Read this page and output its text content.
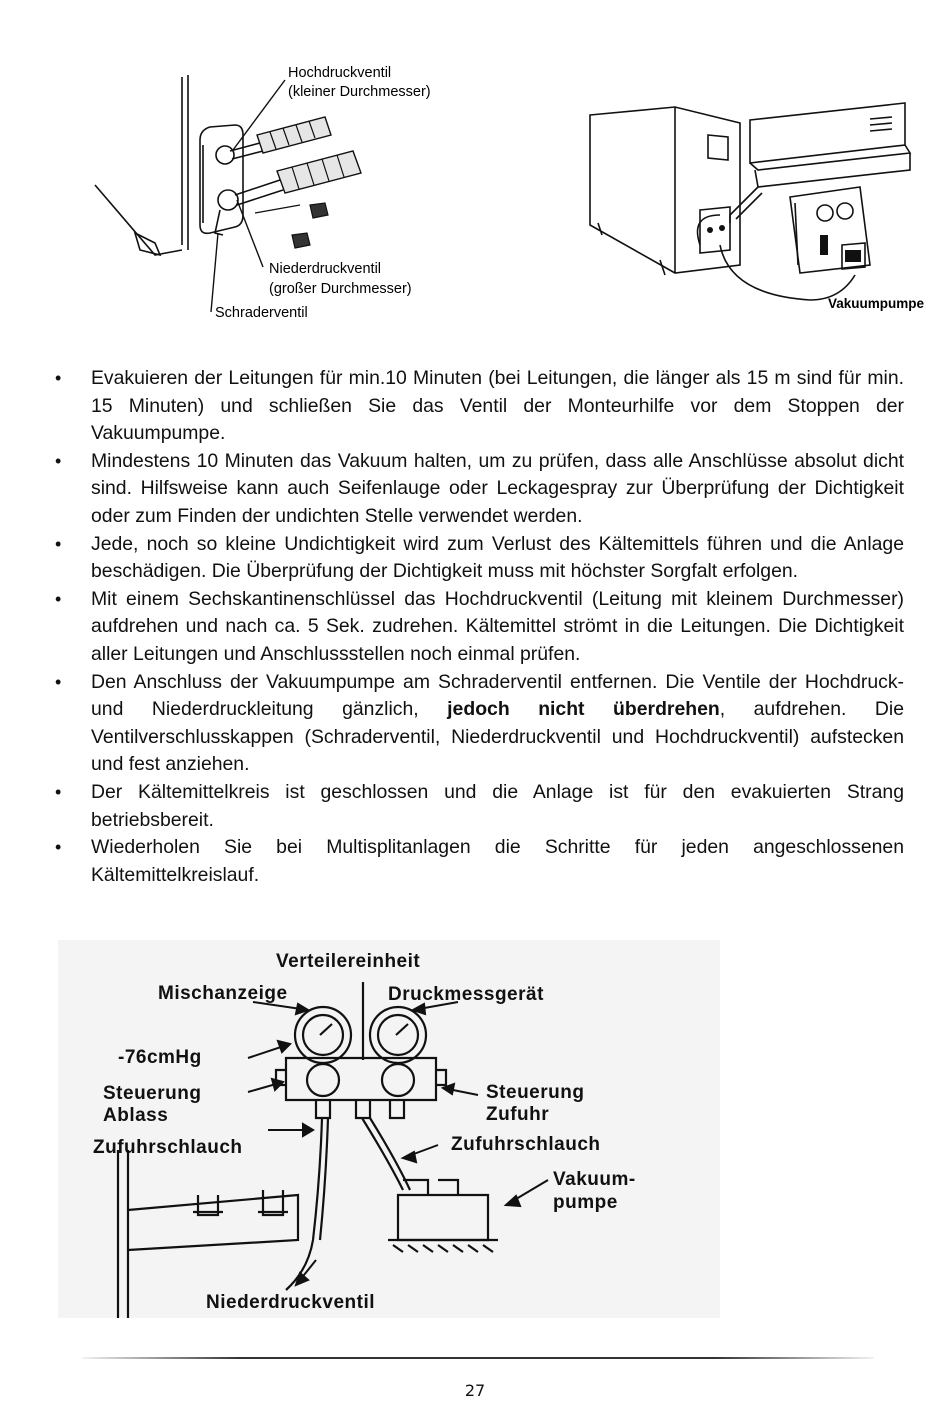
Hochdruckventil
(kleiner Durchmesser)
Niederdruckventil
(großer Durchmesser)
Schraderventil
Vakuumpumpe
• Evakuieren der Leitungen für min.10 Minuten (bei Leitungen, die länger als 15 m sind für min. 15 Minuten) und schließen Sie das Ventil der Monteurhilfe vor dem Stoppen der Vakuumpumpe.
• Mindestens 10 Minuten das Vakuum halten, um zu prüfen, dass alle Anschlüsse absolut dicht sind. Hilfsweise kann auch Seifenlauge oder Leckagespray zur Überprüfung der Dichtigkeit oder zum Finden der undichten Stelle verwendet werden.
• Jede, noch so kleine Undichtigkeit wird zum Verlust des Kältemittels führen und die Anlage beschädigen. Die Überprüfung der Dichtigkeit muss mit höchster Sorgfalt erfolgen.
• Mit einem Sechskantinenschlüssel das Hochdruckventil (Leitung mit kleinem Durchmesser) aufdrehen und nach ca. 5 Sek. zudrehen. Kältemittel strömt in die Leitungen. Die Dichtigkeit aller Leitungen und Anschlussstellen noch einmal prüfen.
• Den Anschluss der Vakuumpumpe am Schraderventil entfernen. Die Ventile der Hochdruck- und Niederdruckleitung gänzlich, jedoch nicht überdrehen, aufdrehen. Die Ventilverschlusskappen (Schraderventil, Niederdruckventil und Hochdruckventil) aufstecken und fest anziehen.
• Der Kältemittelkreis ist geschlossen und die Anlage ist für den evakuierten Strang betriebsbereit.
• Wiederholen Sie bei Multisplitanlagen die Schritte für jeden angeschlossenen Kältemittelkreislauf.
Verteilereinheit
Mischanzeige	Druckmessgerät
-76cmHg
Steuerung
Ablass
Steuerung
Zufuhr
Zufuhrschlauch	Zufuhrschlauch
Vakuum-
pumpe
Niederdruckventil
27
